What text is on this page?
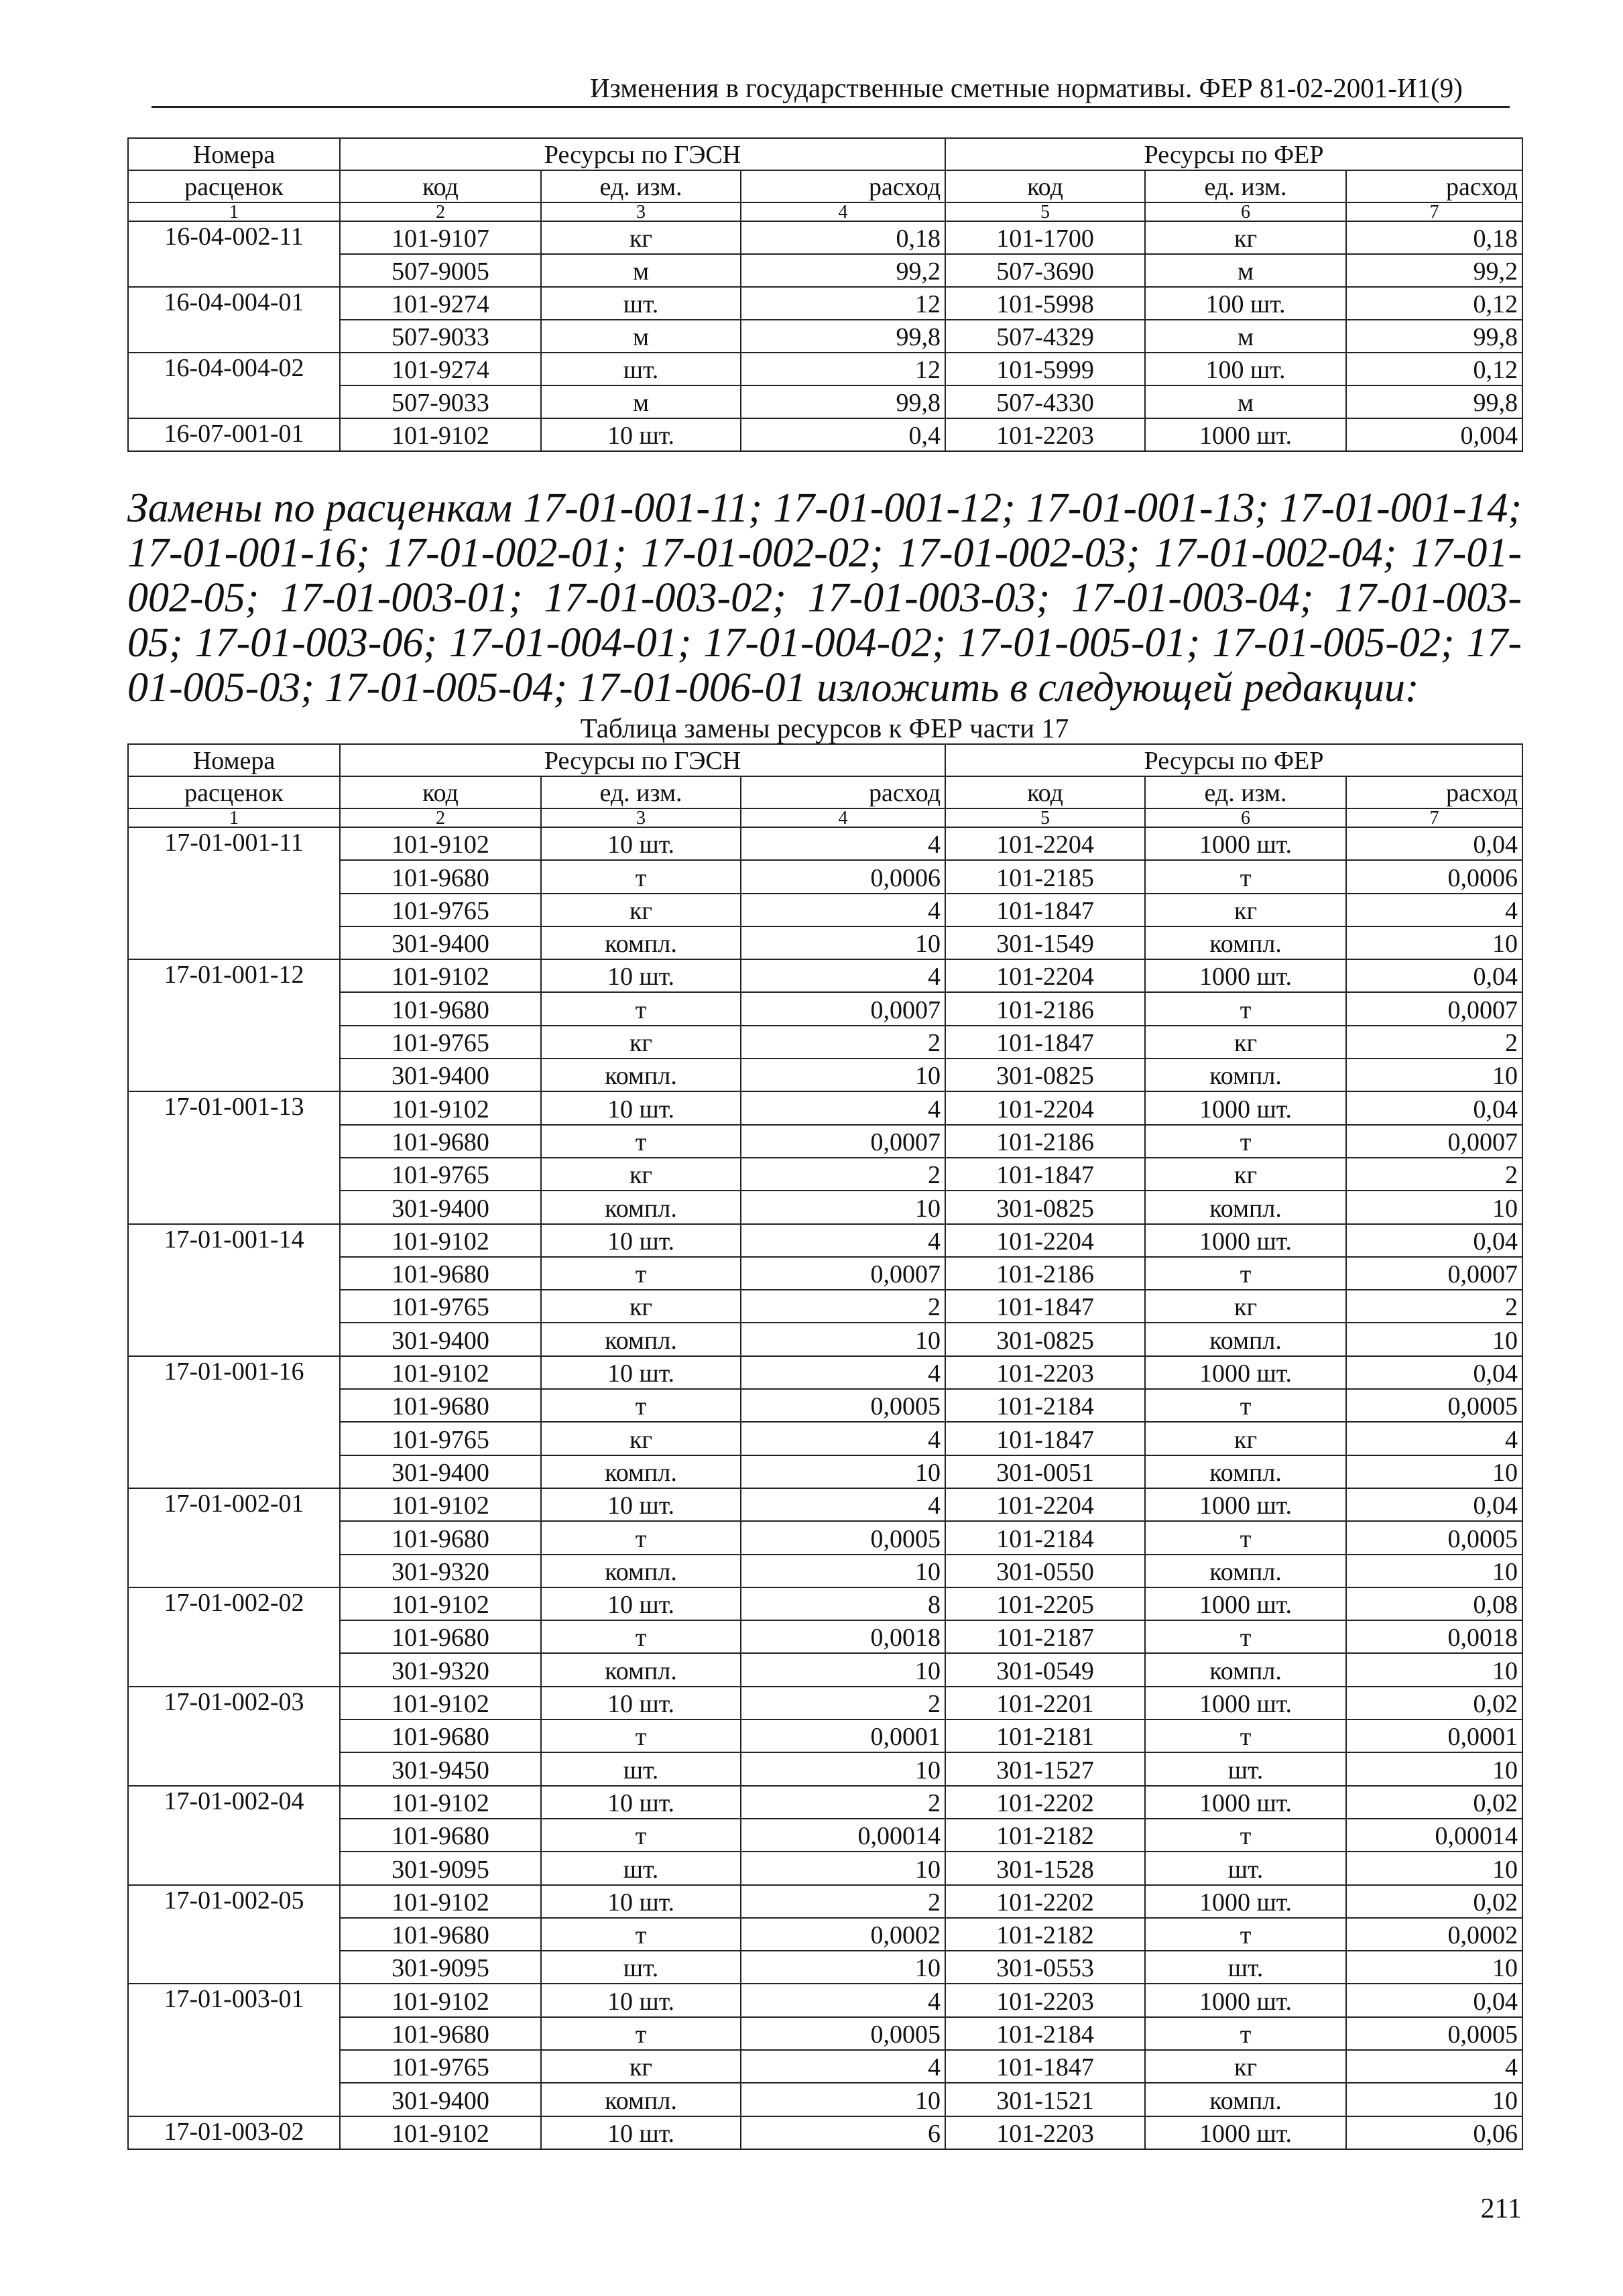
Изменения в государственные сметные нормативы. ФЕР 81-02-2001-И1(9)
Номера	Ресурсы по ГЭСН			Ресурсы по ФЕР		
расценок	код	ед. изм.	расход	код	ед. изм.	расход
1	2	3	4	5	6	7
16-04-002-11	101-9107	кг	0,18	101-1700	кг	0,18
	507-9005	м	99,2	507-3690	м	99,2
16-04-004-01	101-9274	шт.	12	101-5998	100 шт.	0,12
	507-9033	м	99,8	507-4329	м	99,8
16-04-004-02	101-9274	шт.	12	101-5999	100 шт.	0,12
	507-9033	м	99,8	507-4330	м	99,8
16-07-001-01	101-9102	10 шт.	0,4	101-2203	1000 шт.	0,004
Замены по расценкам 17-01-001-11; 17-01-001-12; 17-01-001-13; 17-01-001-14; 17-01-001-16; 17-01-002-01; 17-01-002-02; 17-01-002-03; 17-01-002-04; 17-01-002-05; 17-01-003-01; 17-01-003-02; 17-01-003-03; 17-01-003-04; 17-01-003-05; 17-01-003-06; 17-01-004-01; 17-01-004-02; 17-01-005-01; 17-01-005-02; 17-01-005-03; 17-01-005-04; 17-01-006-01 изложить в следующей редакции:
Таблица замены ресурсов к ФЕР части 17
Номера	Ресурсы по ГЭСН			Ресурсы по ФЕР		
расценок	код	ед. изм.	расход	код	ед. изм.	расход
1	2	3	4	5	6	7
17-01-001-11	101-9102	10 шт.	4	101-2204	1000 шт.	0,04
	101-9680	т	0,0006	101-2185	т	0,0006
	101-9765	кг	4	101-1847	кг	4
	301-9400	компл.	10	301-1549	компл.	10
17-01-001-12	101-9102	10 шт.	4	101-2204	1000 шт.	0,04
	101-9680	т	0,0007	101-2186	т	0,0007
	101-9765	кг	2	101-1847	кг	2
	301-9400	компл.	10	301-0825	компл.	10
17-01-001-13	101-9102	10 шт.	4	101-2204	1000 шт.	0,04
	101-9680	т	0,0007	101-2186	т	0,0007
	101-9765	кг	2	101-1847	кг	2
	301-9400	компл.	10	301-0825	компл.	10
17-01-001-14	101-9102	10 шт.	4	101-2204	1000 шт.	0,04
	101-9680	т	0,0007	101-2186	т	0,0007
	101-9765	кг	2	101-1847	кг	2
	301-9400	компл.	10	301-0825	компл.	10
17-01-001-16	101-9102	10 шт.	4	101-2203	1000 шт.	0,04
	101-9680	т	0,0005	101-2184	т	0,0005
	101-9765	кг	4	101-1847	кг	4
	301-9400	компл.	10	301-0051	компл.	10
17-01-002-01	101-9102	10 шт.	4	101-2204	1000 шт.	0,04
	101-9680	т	0,0005	101-2184	т	0,0005
	301-9320	компл.	10	301-0550	компл.	10
17-01-002-02	101-9102	10 шт.	8	101-2205	1000 шт.	0,08
	101-9680	т	0,0018	101-2187	т	0,0018
	301-9320	компл.	10	301-0549	компл.	10
17-01-002-03	101-9102	10 шт.	2	101-2201	1000 шт.	0,02
	101-9680	т	0,0001	101-2181	т	0,0001
	301-9450	шт.	10	301-1527	шт.	10
17-01-002-04	101-9102	10 шт.	2	101-2202	1000 шт.	0,02
	101-9680	т	0,00014	101-2182	т	0,00014
	301-9095	шт.	10	301-1528	шт.	10
17-01-002-05	101-9102	10 шт.	2	101-2202	1000 шт.	0,02
	101-9680	т	0,0002	101-2182	т	0,0002
	301-9095	шт.	10	301-0553	шт.	10
17-01-003-01	101-9102	10 шт.	4	101-2203	1000 шт.	0,04
	101-9680	т	0,0005	101-2184	т	0,0005
	101-9765	кг	4	101-1847	кг	4
	301-9400	компл.	10	301-1521	компл.	10
17-01-003-02	101-9102	10 шт.	6	101-2203	1000 шт.	0,06
211
